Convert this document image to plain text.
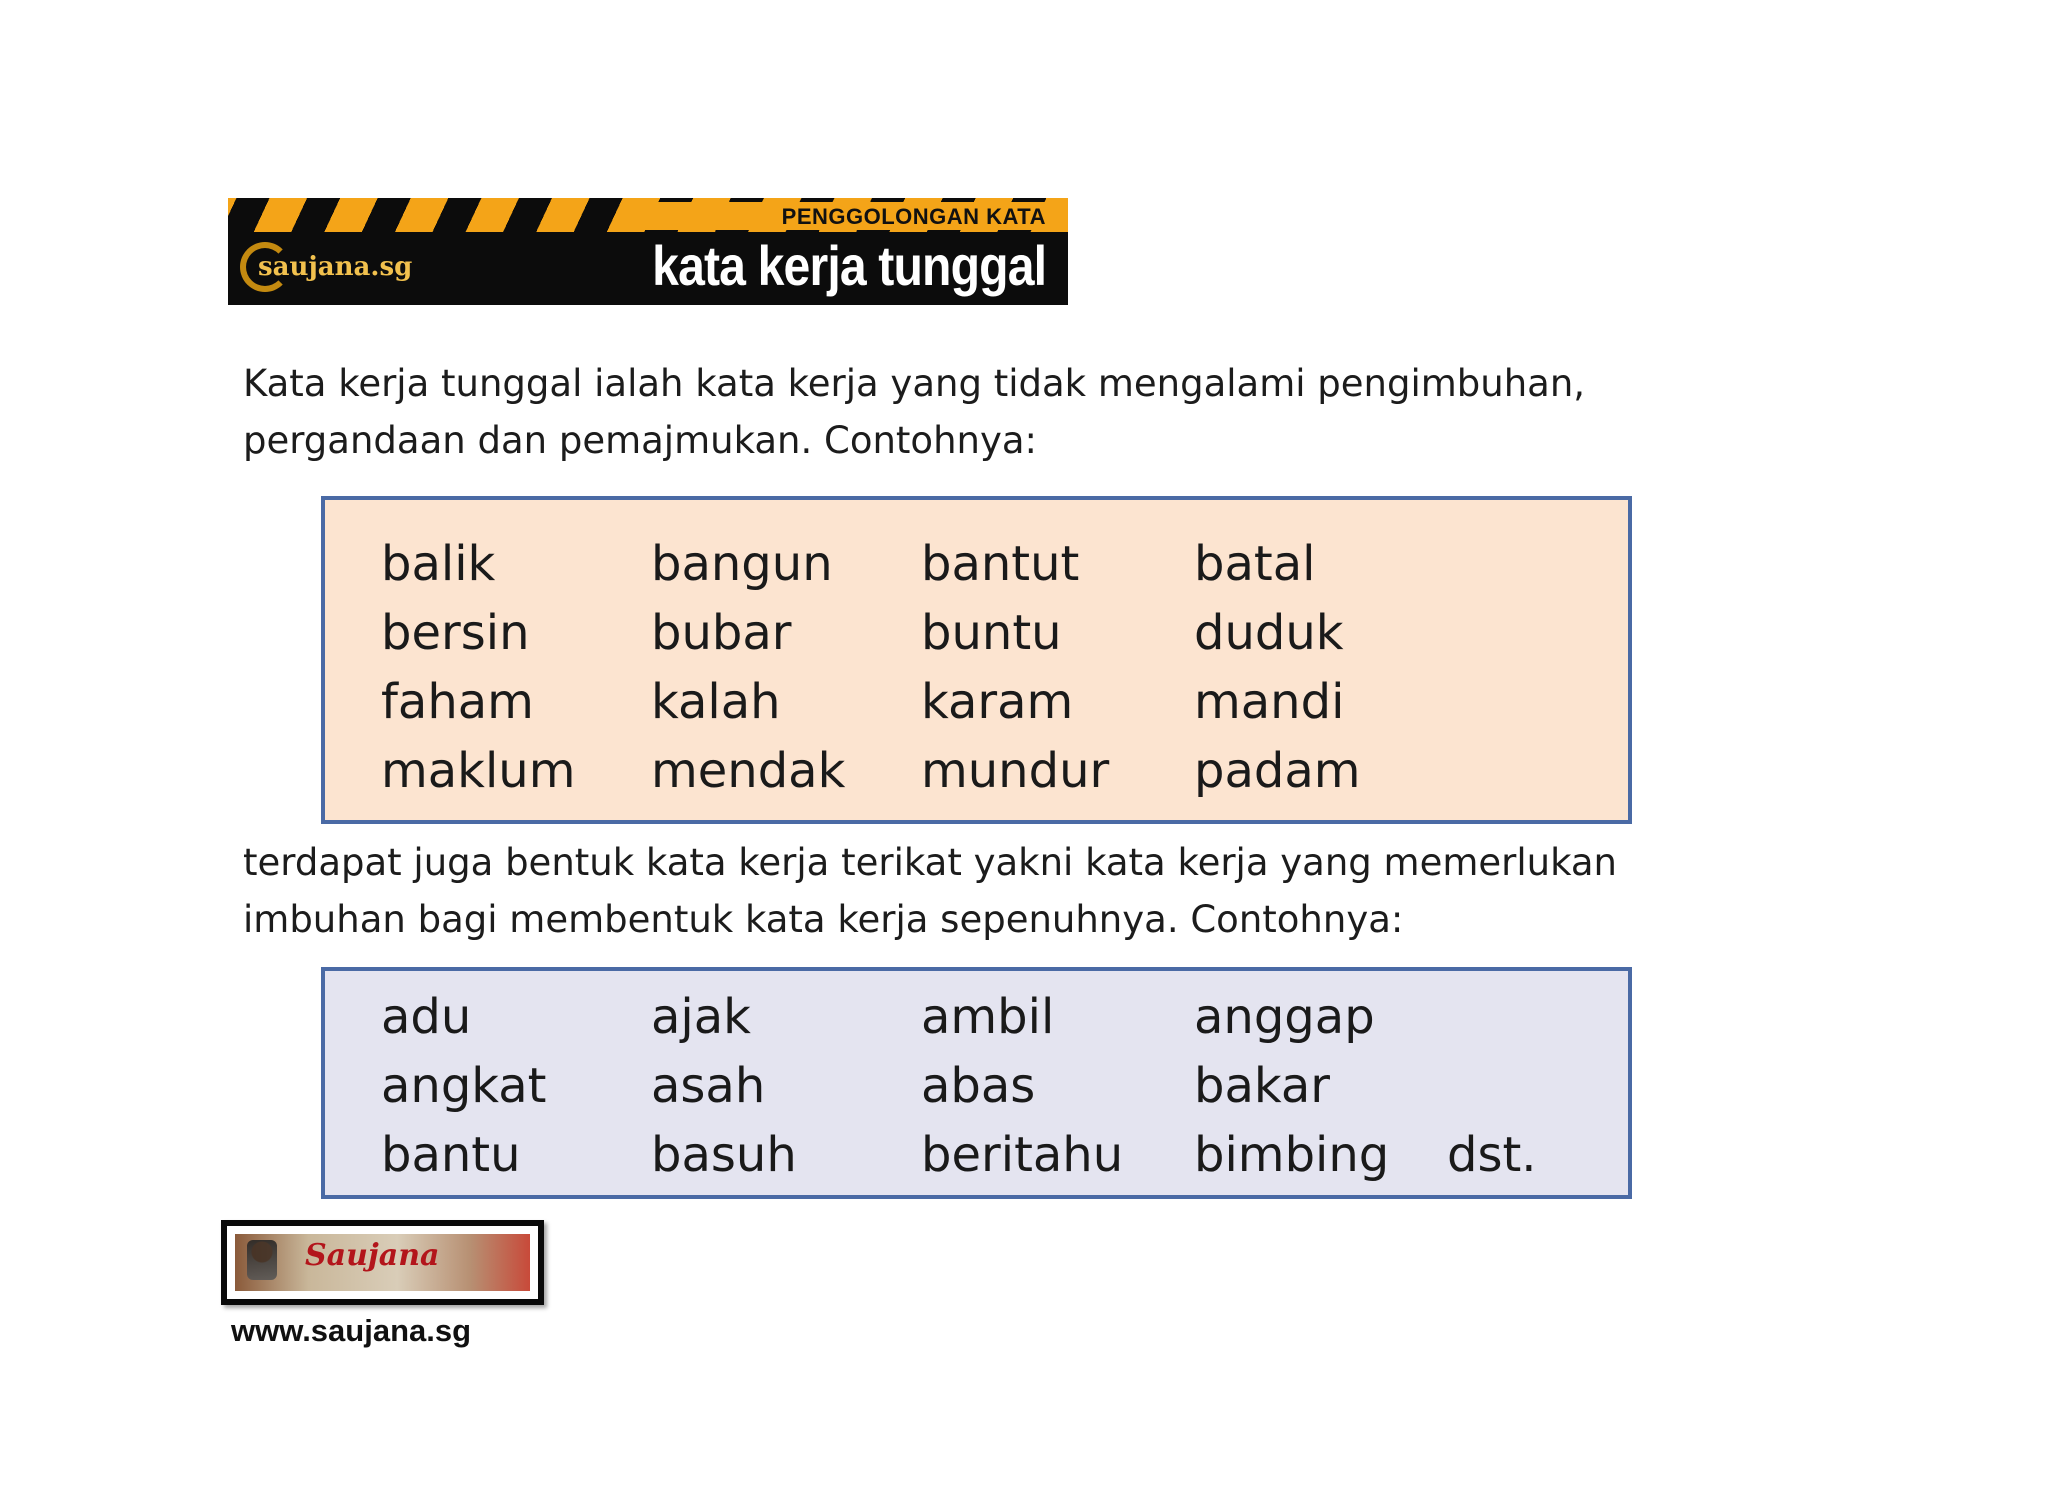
PENGGOLONGAN KATA
saujana.sg	kata kerja tunggal

Kata kerja tunggal ialah kata kerja yang tidak mengalami pengimbuhan, pergandaan dan pemajmukan. Contohnya:

balik	bangun	bantut	batal
bersin	bubar	buntu	duduk
faham	kalah	karam	mandi
maklum	mendak	mundur	padam

terdapat juga bentuk kata kerja terikat yakni kata kerja yang memerlukan imbuhan bagi membentuk kata kerja sepenuhnya. Contohnya:

adu	ajak	ambil	anggap
angkat	asah	abas	bakar
bantu	basuh	beritahu	bimbing	dst.
Saujana
www.saujana.sg
